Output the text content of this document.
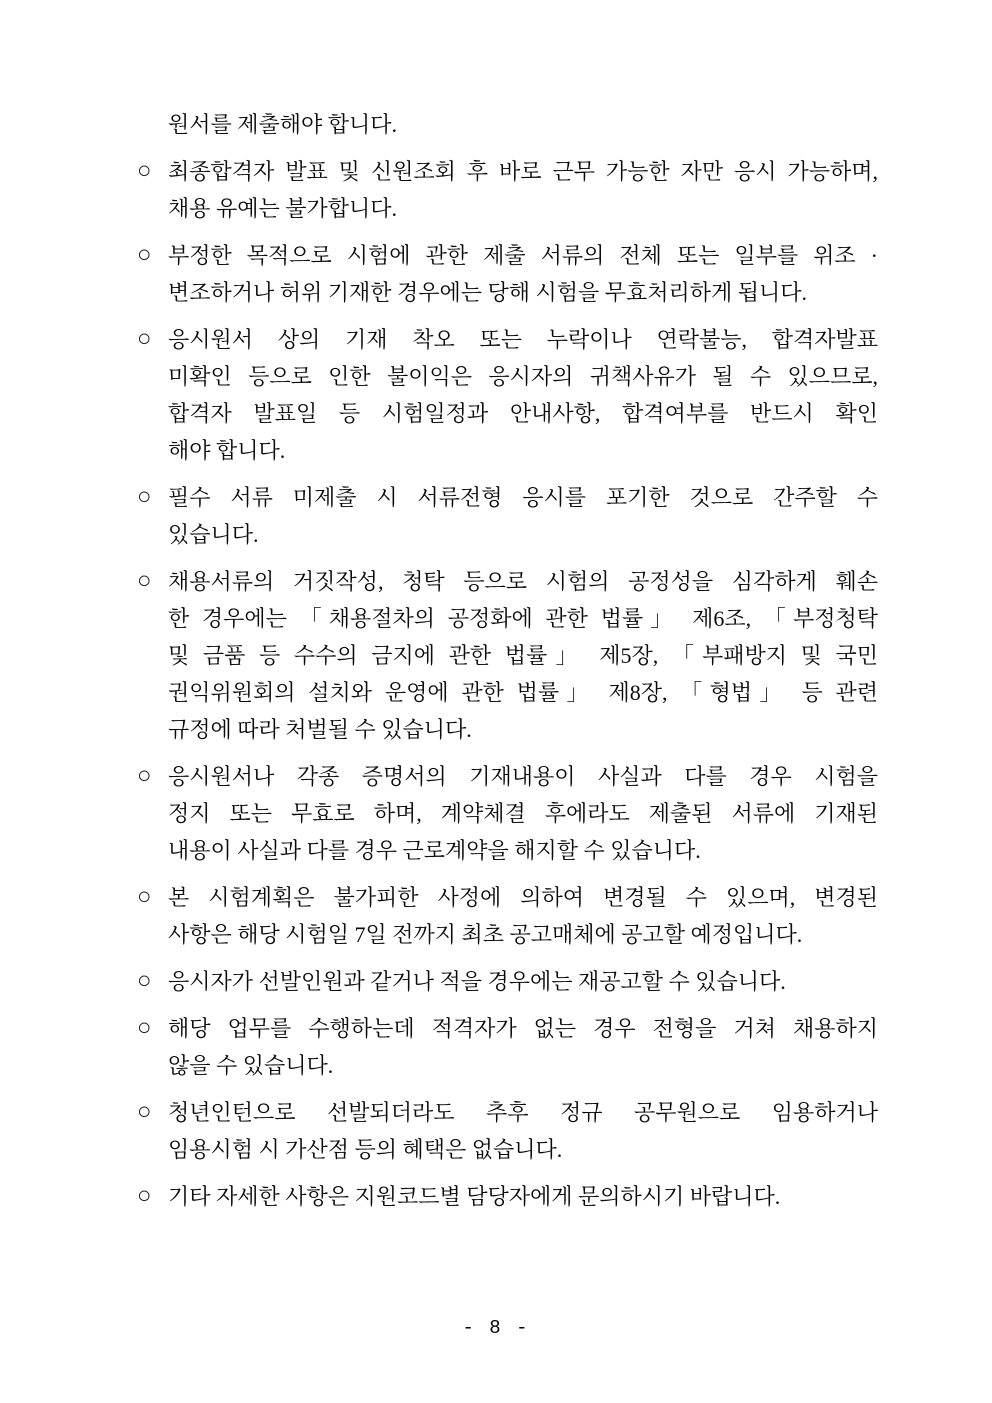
원서를 제출해야 합니다.
○ 최종합격자 발표 및 신원조회 후 바로 근무 가능한 자만 응시 가능하며,
채용 유예는 불가합니다.
○ 부정한 목적으로 시험에 관한 제출 서류의 전체 또는 일부를 위조 ·
변조하거나 허위 기재한 경우에는 당해 시험을 무효처리하게 됩니다.
○ 응시원서 상의 기재 착오 또는 누락이나 연락불능, 합격자발표
미확인 등으로 인한 불이익은 응시자의 귀책사유가 될 수 있으므로,
합격자 발표일 등 시험일정과 안내사항, 합격여부를 반드시 확인
해야 합니다.
○ 필수 서류 미제출 시 서류전형 응시를 포기한 것으로 간주할 수
있습니다.
○ 채용서류의 거짓작성, 청탁 등으로 시험의 공정성을 심각하게 훼손
한 경우에는 「채용절차의 공정화에 관한 법률」 제6조, 「부정청탁
및 금품 등 수수의 금지에 관한 법률」 제5장, 「부패방지 및 국민
권익위원회의 설치와 운영에 관한 법률」 제8장, 「형법」 등 관련
규정에 따라 처벌될 수 있습니다.
○ 응시원서나 각종 증명서의 기재내용이 사실과 다를 경우 시험을
정지 또는 무효로 하며, 계약체결 후에라도 제출된 서류에 기재된
내용이 사실과 다를 경우 근로계약을 해지할 수 있습니다.
○ 본 시험계획은 불가피한 사정에 의하여 변경될 수 있으며, 변경된
사항은 해당 시험일 7일 전까지 최초 공고매체에 공고할 예정입니다.
○ 응시자가 선발인원과 같거나 적을 경우에는 재공고할 수 있습니다.
○ 해당 업무를 수행하는데 적격자가 없는 경우 전형을 거쳐 채용하지
않을 수 있습니다.
○ 청년인턴으로 선발되더라도 추후 정규 공무원으로 임용하거나
임용시험 시 가산점 등의 혜택은 없습니다.
○ 기타 자세한 사항은 지원코드별 담당자에게 문의하시기 바랍니다.
- 8 -
